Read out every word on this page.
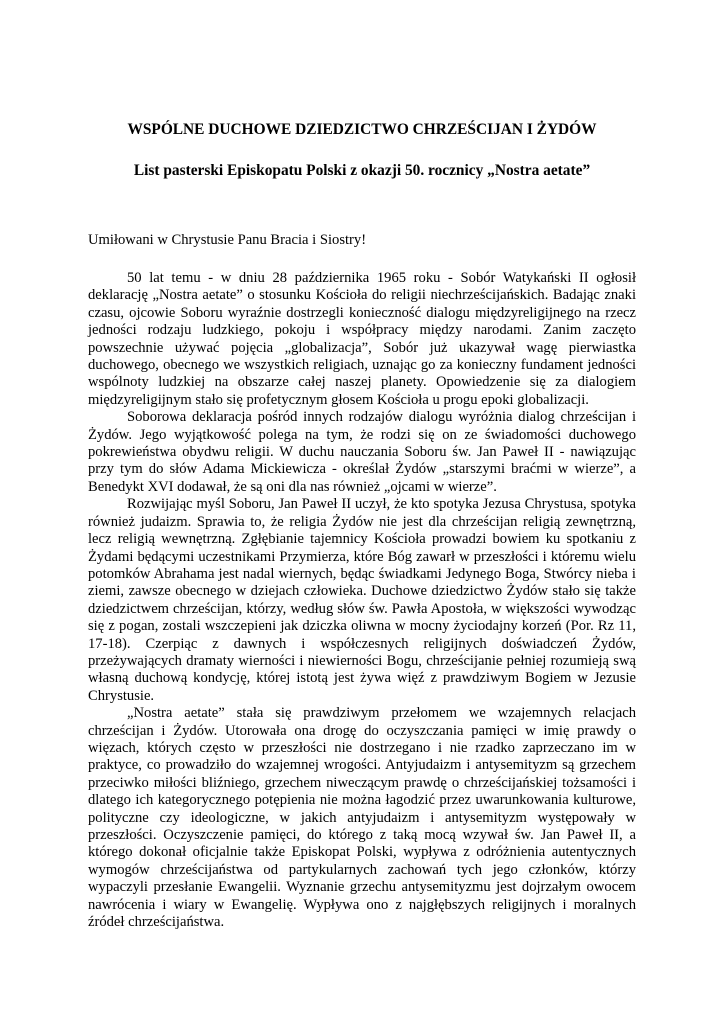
WSPÓLNE DUCHOWE DZIEDZICTWO CHRZEŚCIJAN I ŻYDÓW
List pasterski Episkopatu Polski z okazji 50. rocznicy „Nostra aetate”

Umiłowani w Chrystusie Panu Bracia i Siostry!

50 lat temu - w dniu 28 października 1965 roku - Sobór Watykański II ogłosił deklarację „Nostra aetate” o stosunku Kościoła do religii niechrześcijańskich. Badając znaki czasu, ojcowie Soboru wyraźnie dostrzegli konieczność dialogu międzyreligijnego na rzecz jedności rodzaju ludzkiego, pokoju i współpracy między narodami. Zanim zaczęto powszechnie używać pojęcia „globalizacja”, Sobór już ukazywał wagę pierwiastka duchowego, obecnego we wszystkich religiach, uznając go za konieczny fundament jedności wspólnoty ludzkiej na obszarze całej naszej planety. Opowiedzenie się za dialogiem międzyreligijnym stało się profetycznym głosem Kościoła u progu epoki globalizacji.

Soborowa deklaracja pośród innych rodzajów dialogu wyróżnia dialog chrześcijan i Żydów. Jego wyjątkowość polega na tym, że rodzi się on ze świadomości duchowego pokrewieństwa obydwu religii. W duchu nauczania Soboru św. Jan Paweł II - nawiązując przy tym do słów Adama Mickiewicza - określał Żydów „starszymi braćmi w wierze”, a Benedykt XVI dodawał, że są oni dla nas również „ojcami w wierze”.

Rozwijając myśl Soboru, Jan Paweł II uczył, że kto spotyka Jezusa Chrystusa, spotyka również judaizm. Sprawia to, że religia Żydów nie jest dla chrześcijan religią zewnętrzną, lecz religią wewnętrzną. Zgłębianie tajemnicy Kościoła prowadzi bowiem ku spotkaniu z Żydami będącymi uczestnikami Przymierza, które Bóg zawarł w przeszłości i któremu wielu potomków Abrahama jest nadal wiernych, będąc świadkami Jedynego Boga, Stwórcy nieba i ziemi, zawsze obecnego w dziejach człowieka. Duchowe dziedzictwo Żydów stało się także dziedzictwem chrześcijan, którzy, według słów św. Pawła Apostoła, w większości wywodząc się z pogan, zostali wszczepieni jak dziczka oliwna w mocny życiodajny korzeń (Por. Rz 11, 17-18). Czerpiąc z dawnych i współczesnych religijnych doświadczeń Żydów, przeżywających dramaty wierności i niewierności Bogu, chrześcijanie pełniej rozumieją swą własną duchową kondycję, której istotą jest żywa więź z prawdziwym Bogiem w Jezusie Chrystusie.

„Nostra aetate” stała się prawdziwym przełomem we wzajemnych relacjach chrześcijan i Żydów. Utorowała ona drogę do oczyszczania pamięci w imię prawdy o więzach, których często w przeszłości nie dostrzegano i nie rzadko zaprzeczano im w praktyce, co prowadziło do wzajemnej wrogości. Antyjudaizm i antysemityzm są grzechem przeciwko miłości bliźniego, grzechem niweczącym prawdę o chrześcijańskiej tożsamości i dlatego ich kategorycznego potępienia nie można łagodzić przez uwarunkowania kulturowe, polityczne czy ideologiczne, w jakich antyjudaizm i antysemityzm występowały w przeszłości. Oczyszczenie pamięci, do którego z taką mocą wzywał św. Jan Paweł II, a którego dokonał oficjalnie także Episkopat Polski, wypływa z odróżnienia autentycznych wymogów chrześcijaństwa od partykularnych zachowań tych jego członków, którzy wypaczyli przesłanie Ewangelii. Wyznanie grzechu antysemityzmu jest dojrzałym owocem nawrócenia i wiary w Ewangelię. Wypływa ono z najgłębszych religijnych i moralnych źródeł chrześcijaństwa.
